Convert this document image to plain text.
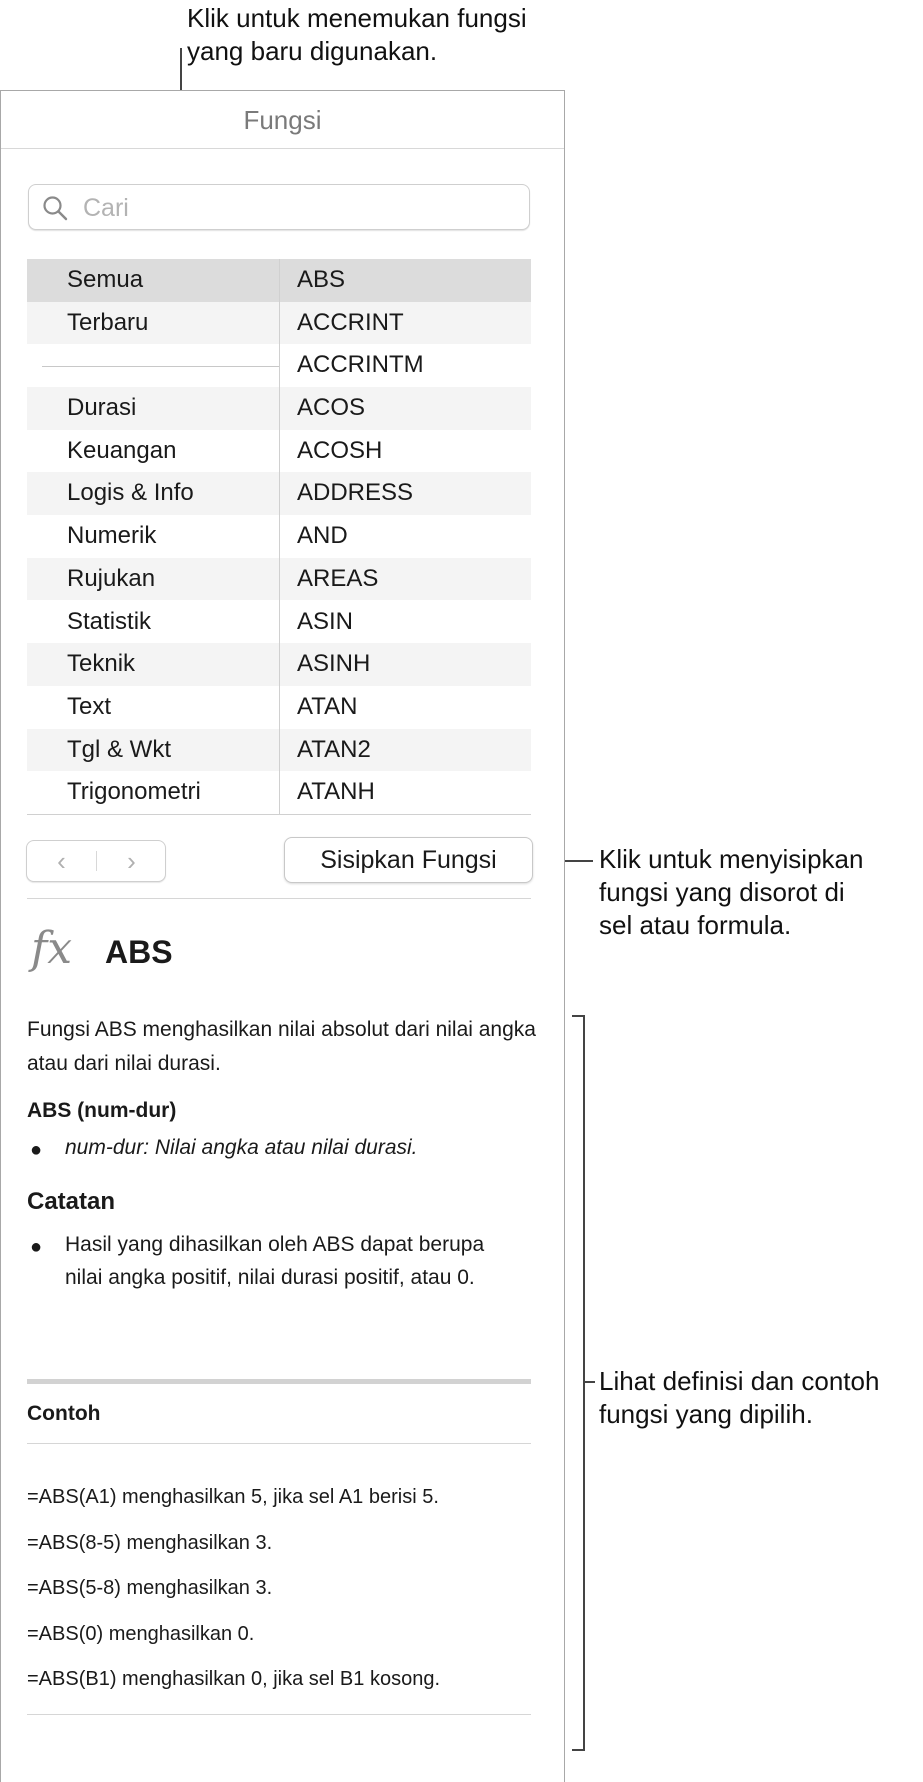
Klik untuk menemukan fungsi
yang baru digunakan.
Klik untuk menyisipkan
fungsi yang disorot di
sel atau formula.
Lihat definisi dan contoh
fungsi yang dipilih.
Fungsi
Cari
Semua
Terbaru
Durasi
Keuangan
Logis & Info
Numerik
Rujukan
Statistik
Teknik
Text
Tgl & Wkt
Trigonometri
ABS
ACCRINT
ACCRINTM
ACOS
ACOSH
ADDRESS
AND
AREAS
ASIN
ASINH
ATAN
ATAN2
ATANH
‹	›	Sisipkan Fungsi
fx ABS
Fungsi ABS menghasilkan nilai absolut dari nilai angka atau dari nilai durasi.
ABS (num-dur)
● num-dur: Nilai angka atau nilai durasi.
Catatan
● Hasil yang dihasilkan oleh ABS dapat berupa nilai angka positif, nilai durasi positif, atau 0.
Contoh
=ABS(A1) menghasilkan 5, jika sel A1 berisi 5.
=ABS(8-5) menghasilkan 3.
=ABS(5-8) menghasilkan 3.
=ABS(0) menghasilkan 0.
=ABS(B1) menghasilkan 0, jika sel B1 kosong.
